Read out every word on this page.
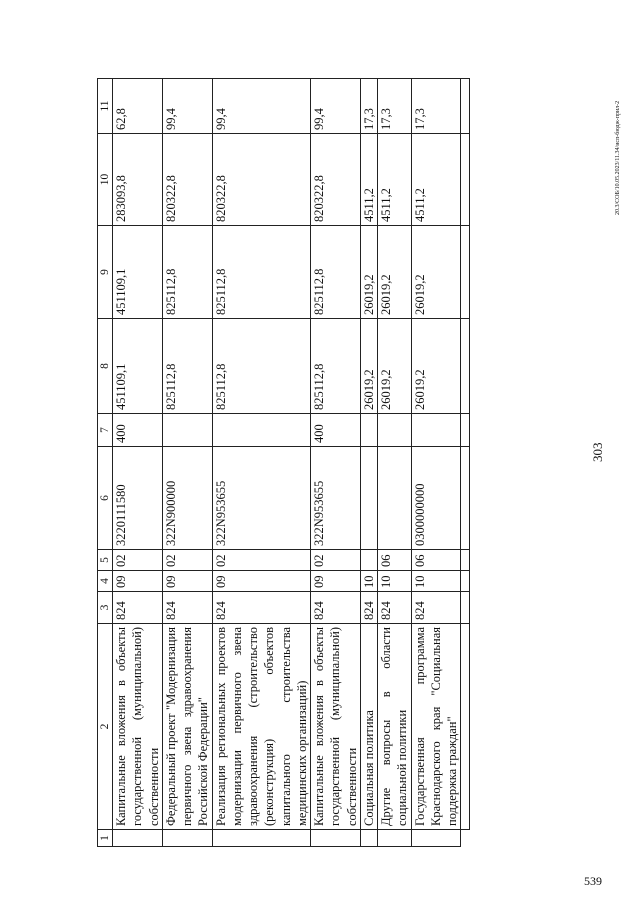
539
303
1	2	3	4	5	6	7	8	9	10	11
	Капитальные вложения в объекты государственной (муниципальной) собственности	824	09	02	3220111580	400	451109,1	451109,1	283093,8	62,8
	Федеральный проект "Модернизация первичного звена здравоохранения Российской Федерации"	824	09	02	322N900000		825112,8	825112,8	820322,8	99,4
	Реализация региональных проектов модернизации первичного звена здравоохранения (строительство (реконструкция) объектов капитального строительства медицинских организаций)	824	09	02	322N953655		825112,8	825112,8	820322,8	99,4
	Капитальные вложения в объекты государственной (муниципальной) собственности	824	09	02	322N953655	400	825112,8	825112,8	820322,8	99,4
	Социальная политика	824	10				26019,2	26019,2	4511,2	17,3
	Другие вопросы в области социальной политики	824	10	06			26019,2	26019,2	4511,2	17,3
	Государственная программа Краснодарского края "Социальная поддержка граждан"	824	10	06	0300000000		26019,2	26019,2	4511,2	17,3
											20.3/СОБ/10.05.2023/11.34/исп-бюдж-прил-2
